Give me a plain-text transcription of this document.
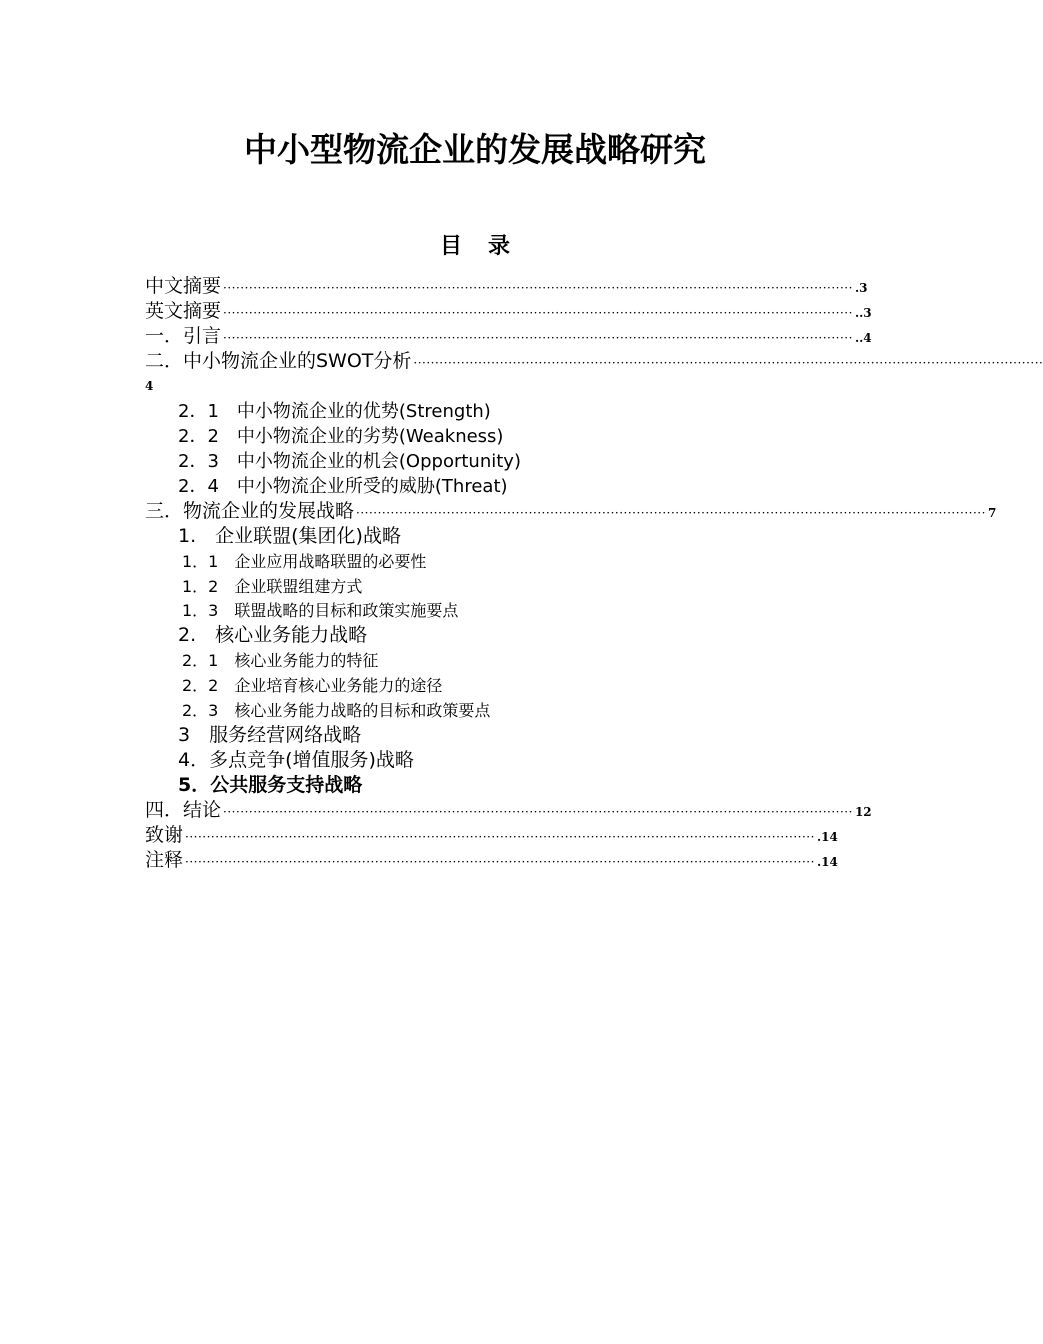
中小型物流企业的发展战略研究
目录
中文摘要 ·················································································································································· .3
英文摘要 ·················································································································································· ..3
一．引言 ·················································································································································· ..4
二．中小物流企业的SWOT分析 ··················································································································································
4
2．1　中小物流企业的优势(Strength)
2．2　中小物流企业的劣势(Weakness)
2．3　中小物流企业的机会(Opportunity)
2．4　中小物流企业所受的威胁(Threat)
三．物流企业的发展战略 ·················································································································································· 7
1.　企业联盟(集团化)战略
1．1　企业应用战略联盟的必要性
1．2　企业联盟组建方式
1．3　联盟战略的目标和政策实施要点
2.　核心业务能力战略
2．1　核心业务能力的特征
2．2　企业培育核心业务能力的途径
2．3　核心业务能力战略的目标和政策要点
3　服务经营网络战略
4．多点竞争(增值服务)战略
5．公共服务支持战略
四．结论 ·················································································································································· 12
致谢 ·················································································································································· .14
注释 ·················································································································································· .14
